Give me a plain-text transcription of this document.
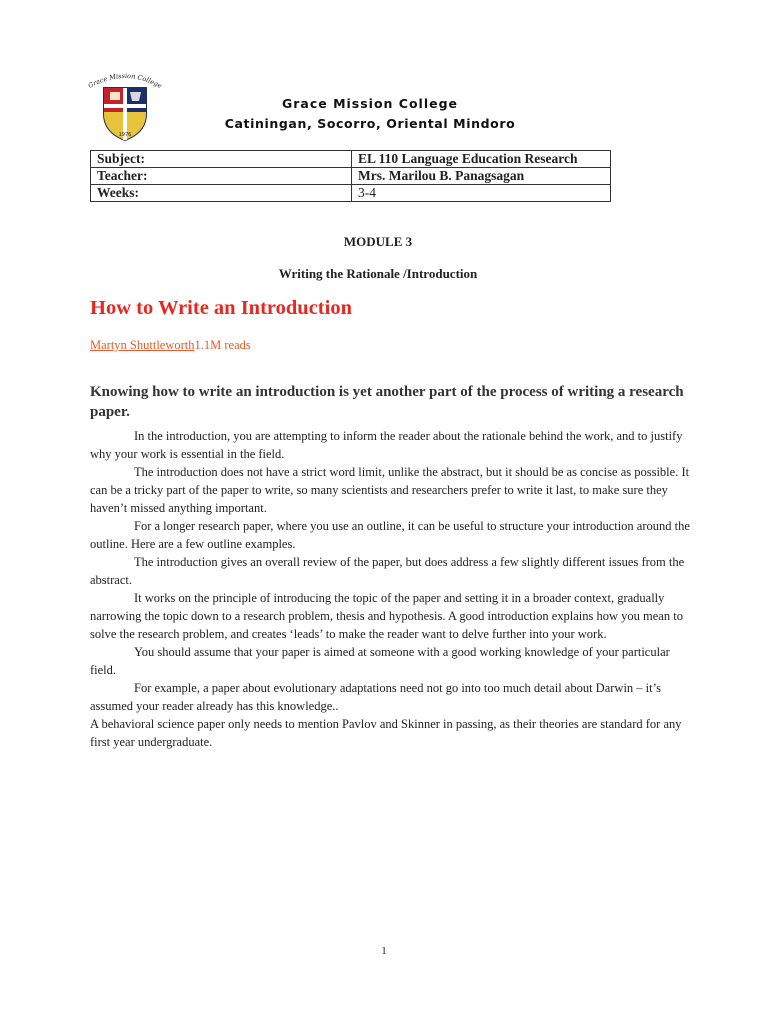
Grace Mission College
1976
Grace Mission College
Catiningan, Socorro, Oriental Mindoro
Subject:	EL 110 Language Education Research
Teacher:	Mrs. Marilou B. Panagsagan
Weeks:	3-4
MODULE 3
Writing the Rationale /Introduction
How to Write an Introduction
Martyn Shuttleworth1.1M reads
Knowing how to write an introduction is yet another part of the process of writing a research paper.

In the introduction, you are attempting to inform the reader about the rationale behind the work, and to justify why your work is essential in the field.

The introduction does not have a strict word limit, unlike the abstract, but it should be as concise as possible. It can be a tricky part of the paper to write, so many scientists and researchers prefer to write it last, to make sure they haven’t missed anything important.

For a longer research paper, where you use an outline, it can be useful to structure your introduction around the outline. Here are a few outline examples.

The introduction gives an overall review of the paper, but does address a few slightly different issues from the abstract.

It works on the principle of introducing the topic of the paper and setting it in a broader context, gradually narrowing the topic down to a research problem, thesis and hypothesis. A good introduction explains how you mean to solve the research problem, and creates ‘leads’ to make the reader want to delve further into your work.

You should assume that your paper is aimed at someone with a good working knowledge of your particular field.

For example, a paper about evolutionary adaptations need not go into too much detail about Darwin – it’s assumed your reader already has this knowledge..

A behavioral science paper only needs to mention Pavlov and Skinner in passing, as their theories are standard for any first year undergraduate.

1
